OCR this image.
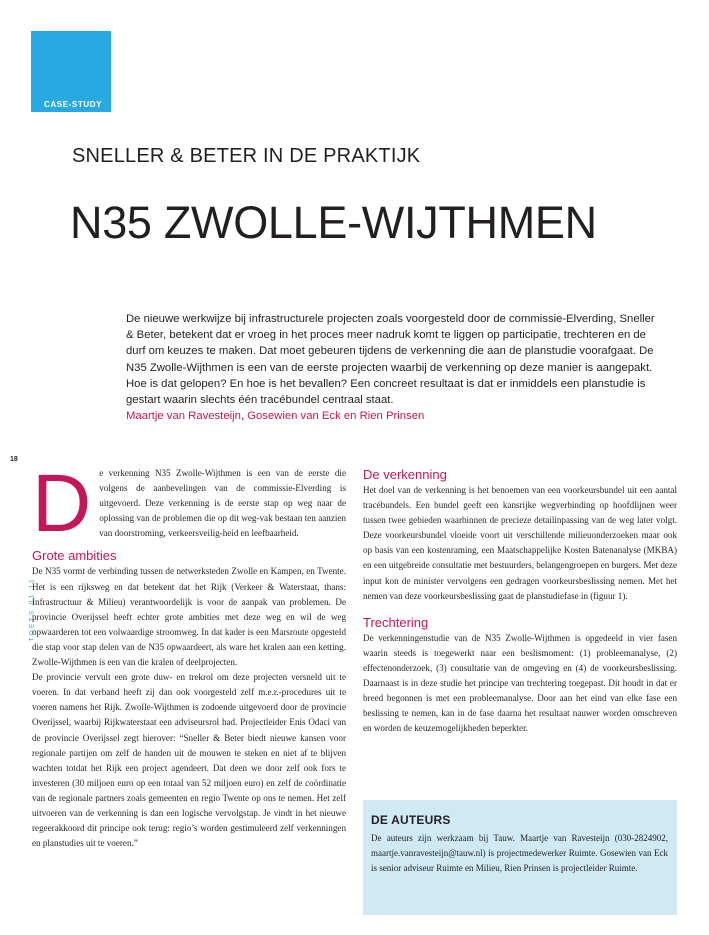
CASE-STUDY
SNELLER & BETER IN DE PRAKTIJK
N35 ZWOLLE-WIJTHMEN

De nieuwe werkwijze bij infrastructurele projecten zoals voorgesteld door de commissie-Elverding, Sneller & Beter, betekent dat er vroeg in het proces meer nadruk komt te liggen op participatie, trechteren en de durf om keuzes te maken. Dat moet gebeuren tijdens de verkenning die aan de planstudie voorafgaat. De N35 Zwolle-Wijthmen is een van de eerste projecten waarbij de verkenning op deze manier is aangepakt. Hoe is dat gelopen? En hoe is het bevallen? Een concreet resultaat is dat er inmiddels een planstudie is gestart waarin slechts één tracébundel centraal staat.

Maartje van Ravesteijn, Gosewien van Eck en Rien Prinsen

18
TOETS 01 11
D e verkenning N35 Zwolle-Wijthmen is een van de eerste die volgens de aanbevelingen van de commissie-Elverding is uitgevoerd. Deze verkenning is de eerste stap op weg naar de oplossing van de problemen die op dit weg-vak bestaan ten aanzien van doorstroming, verkeersveilig-heid en leefbaarheid.

Grote ambities

De N35 vormt de verbinding tussen de netwerksteden Zwolle en Kampen, en Twente. Het is een rijksweg en dat betekent dat het Rijk (Verkeer & Waterstaat, thans: Infrastructuur & Milieu) verantwoordelijk is voor de aanpak van problemen. De provincie Overijssel heeft echter grote ambities met deze weg en wil de weg opwaarderen tot een volwaardige stroomweg. In dat kader is een Marsroute opgesteld die stap voor stap delen van de N35 opwaardeert, als ware het kralen aan een ketting. Zwolle-Wijthmen is een van die kralen of deelprojecten.

De provincie vervult een grote duw- en trekrol om deze projecten versneld uit te voeren. In dat verband heeft zij dan ook voorgesteld zelf m.e.r.-procedures uit te voeren namens het Rijk. Zwolle-Wijthmen is zodoende uitgevoerd door de provincie Overijssel, waarbij Rijkwaterstaat een adviseursrol had. Projectleider Enis Odaci van de provincie Overijssel zegt hierover: “Sneller & Beter biedt nieuwe kansen voor regionale partijen om zelf de handen uit de mouwen te steken en niet af te blijven wachten totdat het Rijk een project agendeert. Dat deen we door zelf ook fors te investeren (30 miljoen euro op een totaal van 52 miljoen euro) en zelf de coördinatie van de regionale partners zoals gemeenten en regio Twente op ons te nemen. Het zelf uitvoeren van de verkenning is dan een logische vervolgstap. Je vindt in het nieuwe regeerakkoord dit principe ook terug: regio’s worden gestimuleerd zelf verkenningen en planstudies uit te voeren.”

De verkenning

Het doel van de verkenning is het benoemen van een voorkeursbundel uit een aantal tracébundels. Een bundel geeft een kansrijke wegverbinding op hoofdlijnen weer tussen twee gebieden waarbinnen de precieze detailinpassing van de weg later volgt. Deze voorkeursbundel vloeide voort uit verschillende milieuonderzoeken maar ook op basis van een kostenraming, een Maatschappelijke Kosten Batenanalyse (MKBA) en een uitgebreide consultatie met bestuurders, belangengroepen en burgers. Met deze input kon de minister vervolgens een gedragen voorkeursbeslissing nemen. Met het nemen van deze voorkeursbeslissing gaat de planstudiefase in (figuur 1).

Trechtering

De verkenningenstudie van de N35 Zwolle-Wijthmen is opgedeeld in vier fasen waarin steeds is toegewerkt naar een beslismoment: (1) probleemanalyse, (2) effectenonderzoek, (3) consultatie van de omgeving en (4) de voorkeursbeslissing. Daarnaast is in deze studie het principe van trechtering toegepast. Dit houdt in dat er breed begonnen is met een probleemanalyse. Door aan het eind van elke fase een beslissing te nemen, kan in de fase daarna het resultaat nauwer worden omschreven en worden de keuzemogelijkheden beperkter.

DE AUTEURS

De auteurs zijn werkzaam bij Tauw. Maartje van Ravesteijn (030-2824902, maartje.vanravesteijn@tauw.nl) is projectmedewerker Ruimte. Gosewien van Eck is senior adviseur Ruimte en Milieu, Rien Prinsen is projectleider Ruimte.
